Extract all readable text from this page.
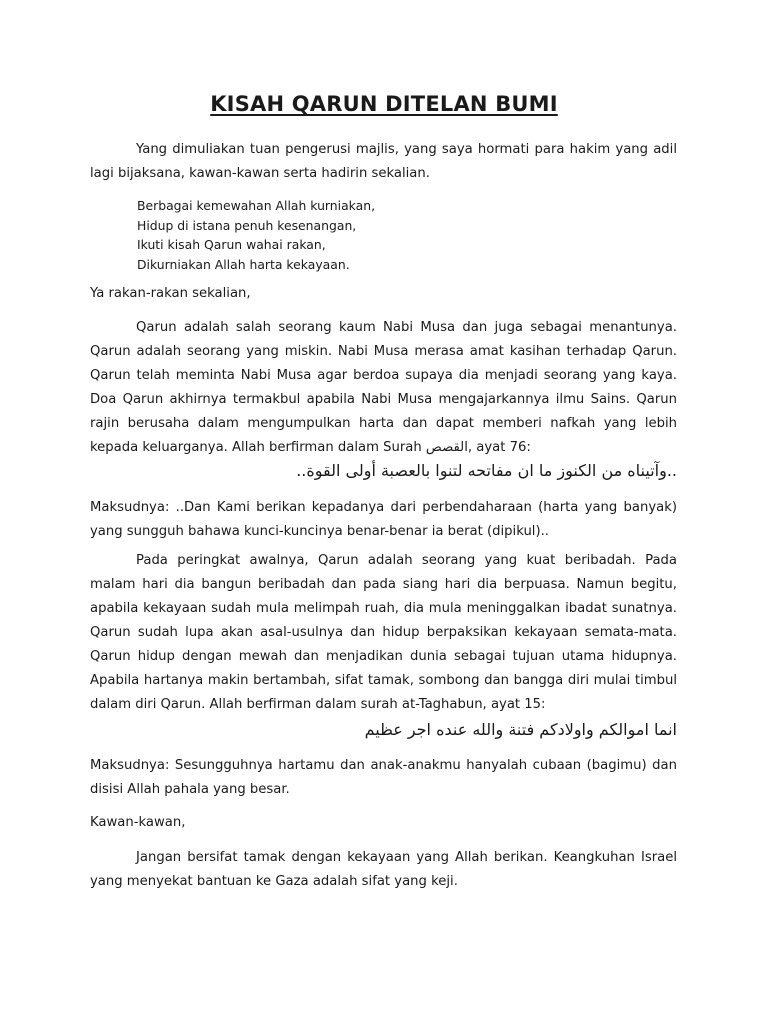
KISAH QARUN DITELAN BUMI
Yang dimuliakan tuan pengerusi majlis, yang saya hormati para hakim yang adil lagi bijaksana, kawan-kawan serta hadirin sekalian.
Berbagai kemewahan Allah kurniakan,
Hidup di istana penuh kesenangan,
Ikuti kisah Qarun wahai rakan,
Dikurniakan Allah harta kekayaan.
Ya rakan-rakan sekalian,
Qarun adalah salah seorang kaum Nabi Musa dan juga sebagai menantunya. Qarun adalah seorang yang miskin. Nabi Musa merasa amat kasihan terhadap Qarun. Qarun telah meminta Nabi Musa agar berdoa supaya dia menjadi seorang yang kaya. Doa Qarun akhirnya termakbul apabila Nabi Musa mengajarkannya ilmu Sains. Qarun rajin berusaha dalam mengumpulkan harta dan dapat memberi nafkah yang lebih kepada keluarganya. Allah berfirman dalam Surah القصص, ayat 76:
..وآتيناه من الكنوز ما ان مفاتحه لتنوا بالعصبة أولى القوة..
Maksudnya: ..Dan Kami berikan kepadanya dari perbendaharaan (harta yang banyak) yang sungguh bahawa kunci-kuncinya benar-benar ia berat (dipikul)..
Pada peringkat awalnya, Qarun adalah seorang yang kuat beribadah. Pada malam hari dia bangun beribadah dan pada siang hari dia berpuasa. Namun begitu, apabila kekayaan sudah mula melimpah ruah, dia mula meninggalkan ibadat sunatnya. Qarun sudah lupa akan asal-usulnya dan hidup berpaksikan kekayaan semata-mata. Qarun hidup dengan mewah dan menjadikan dunia sebagai tujuan utama hidupnya. Apabila hartanya makin bertambah, sifat tamak, sombong dan bangga diri mulai timbul dalam diri Qarun. Allah berfirman dalam surah at-Taghabun, ayat 15:
انما اموالكم واولادكم فتنة والله عنده اجر عظيم
Maksudnya: Sesungguhnya hartamu dan anak-anakmu hanyalah cubaan (bagimu) dan disisi Allah pahala yang besar.
Kawan-kawan,
Jangan bersifat tamak dengan kekayaan yang Allah berikan. Keangkuhan Israel yang menyekat bantuan ke Gaza adalah sifat yang keji.
